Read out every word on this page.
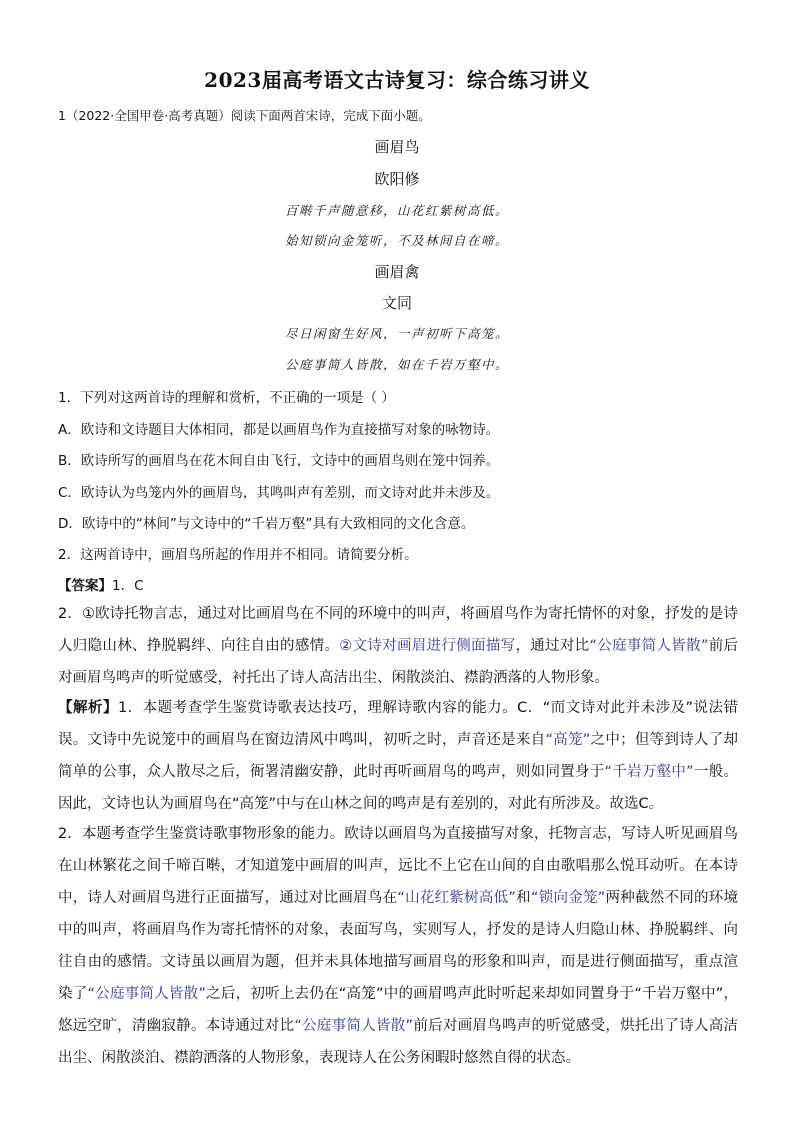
2023届高考语文古诗复习：综合练习讲义
1（2022·全国甲卷·高考真题）阅读下面两首宋诗，完成下面小题。
画眉鸟
欧阳修
百啭千声随意移，山花红紫树高低。
始知锁向金笼听，不及林间自在啼。
画眉禽
文同
尽日闲窗生好风，一声初听下高笼。
公庭事简人皆散，如在千岩万壑中。
1．下列对这两首诗的理解和赏析，不正确的一项是（ ）
A．欧诗和文诗题目大体相同，都是以画眉鸟作为直接描写对象的咏物诗。
B．欧诗所写的画眉鸟在花木间自由飞行，文诗中的画眉鸟则在笼中饲养。
C．欧诗认为鸟笼内外的画眉鸟，其鸣叫声有差别，而文诗对此并未涉及。
D．欧诗中的“林间”与文诗中的“千岩万壑”具有大致相同的文化含意。
2．这两首诗中，画眉鸟所起的作用并不相同。请简要分析。
【答案】1．C
2．①欧诗托物言志，通过对比画眉鸟在不同的环境中的叫声，将画眉鸟作为寄托情怀的对象，抒发的是诗人归隐山林、挣脱羁绊、向往自由的感情。②文诗对画眉进行侧面描写，通过对比“公庭事简人皆散”前后对画眉鸟鸣声的听觉感受，衬托出了诗人高洁出尘、闲散淡泊、襟韵洒落的人物形象。
【解析】1．本题考查学生鉴赏诗歌表达技巧，理解诗歌内容的能力。C．“而文诗对此并未涉及”说法错误。文诗中先说笼中的画眉鸟在窗边清风中鸣叫，初听之时，声音还是来自“高笼”之中；但等到诗人了却简单的公事，众人散尽之后，衙署清幽安静，此时再听画眉鸟的鸣声，则如同置身于“千岩万壑中”一般。因此，文诗也认为画眉鸟在“高笼”中与在山林之间的鸣声是有差别的，对此有所涉及。故选C。
2．本题考查学生鉴赏诗歌事物形象的能力。欧诗以画眉鸟为直接描写对象，托物言志，写诗人听见画眉鸟在山林繁花之间千啼百啭，才知道笼中画眉的叫声，远比不上它在山间的自由歌唱那么悦耳动听。在本诗中，诗人对画眉鸟进行正面描写，通过对比画眉鸟在“山花红紫树高低”和“锁向金笼”两种截然不同的环境中的叫声，将画眉鸟作为寄托情怀的对象，表面写鸟，实则写人，抒发的是诗人归隐山林、挣脱羁绊、向往自由的感情。文诗虽以画眉为题，但并未具体地描写画眉鸟的形象和叫声，而是进行侧面描写，重点渲染了“公庭事简人皆散”之后，初听上去仍在“高笼”中的画眉鸣声此时听起来却如同置身于“千岩万壑中”，悠远空旷，清幽寂静。本诗通过对比“公庭事简人皆散”前后对画眉鸟鸣声的听觉感受，烘托出了诗人高洁出尘、闲散淡泊、襟韵洒落的人物形象，表现诗人在公务闲暇时悠然自得的状态。
